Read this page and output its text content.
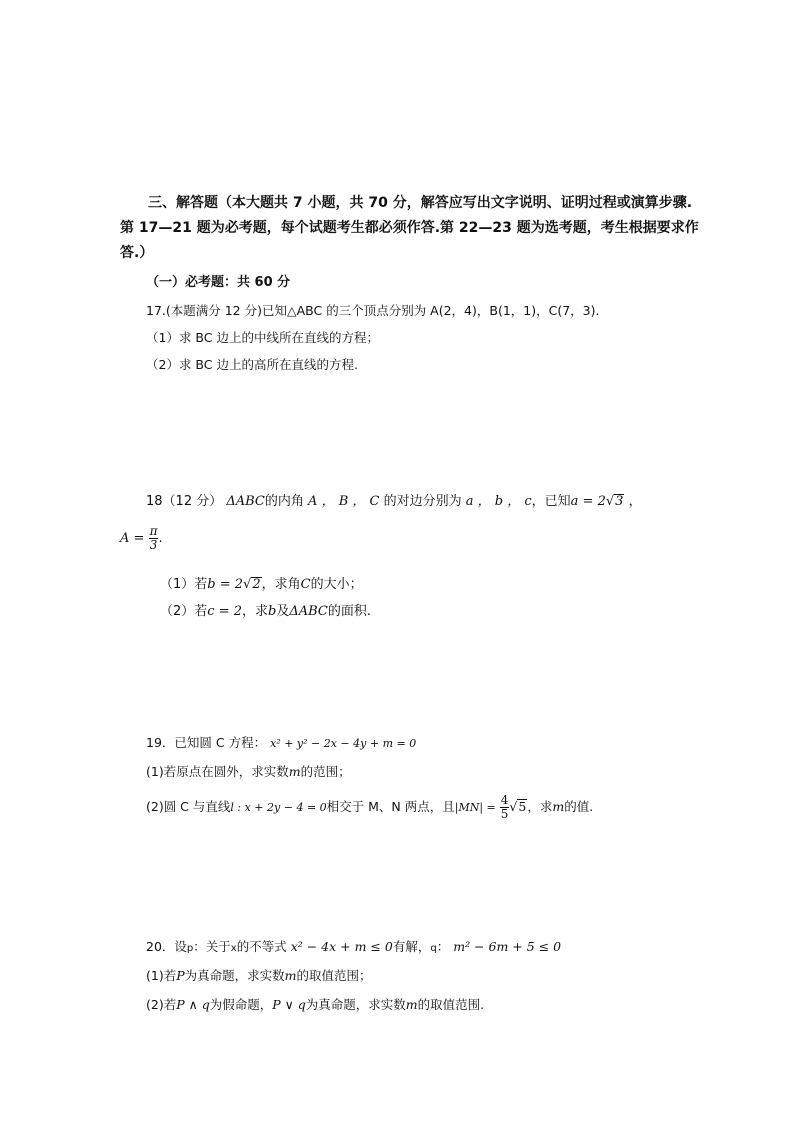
三、解答题（本大题共 7 小题，共 70 分，解答应写出文字说明、证明过程或演算步骤.
第 17—21 题为必考题，每个试题考生都必须作答.第 22—23 题为选考题，考生根据要求作
答.）
（一）必考题：共 60 分
17.(本题满分 12 分)已知△ABC 的三个顶点分别为 A(2，4)，B(1，1)，C(7，3).
（1）求 BC 边上的中线所在直线的方程；
（2）求 BC 边上的高所在直线的方程.
18（12 分） ΔABC的内角 A ， B ， C 的对边分别为 a ， b ， c，已知a = 2√3 ，
$A = \frac{\pi}{3}$ .
（1）若b = 2√2，求角C的大小；
（2）若c = 2，求b及ΔABC的面积.
19．已知圆 C 方程： x² + y² − 2x − 4y + m = 0
(1)若原点在圆外，求实数m的范围；
(2)圆 C 与直线l : x + 2y − 4 = 0相交于 M、N 两点，且$|MN| = \frac{4}{5} √5$，求m的值.
20．设p：关于x的不等式 x² − 4x + m ≤ 0有解，q： m² − 6m + 5 ≤ 0
(1)若P为真命题，求实数m的取值范围；
(2)若P ∧ q为假命题，P ∨ q为真命题，求实数m的取值范围.
